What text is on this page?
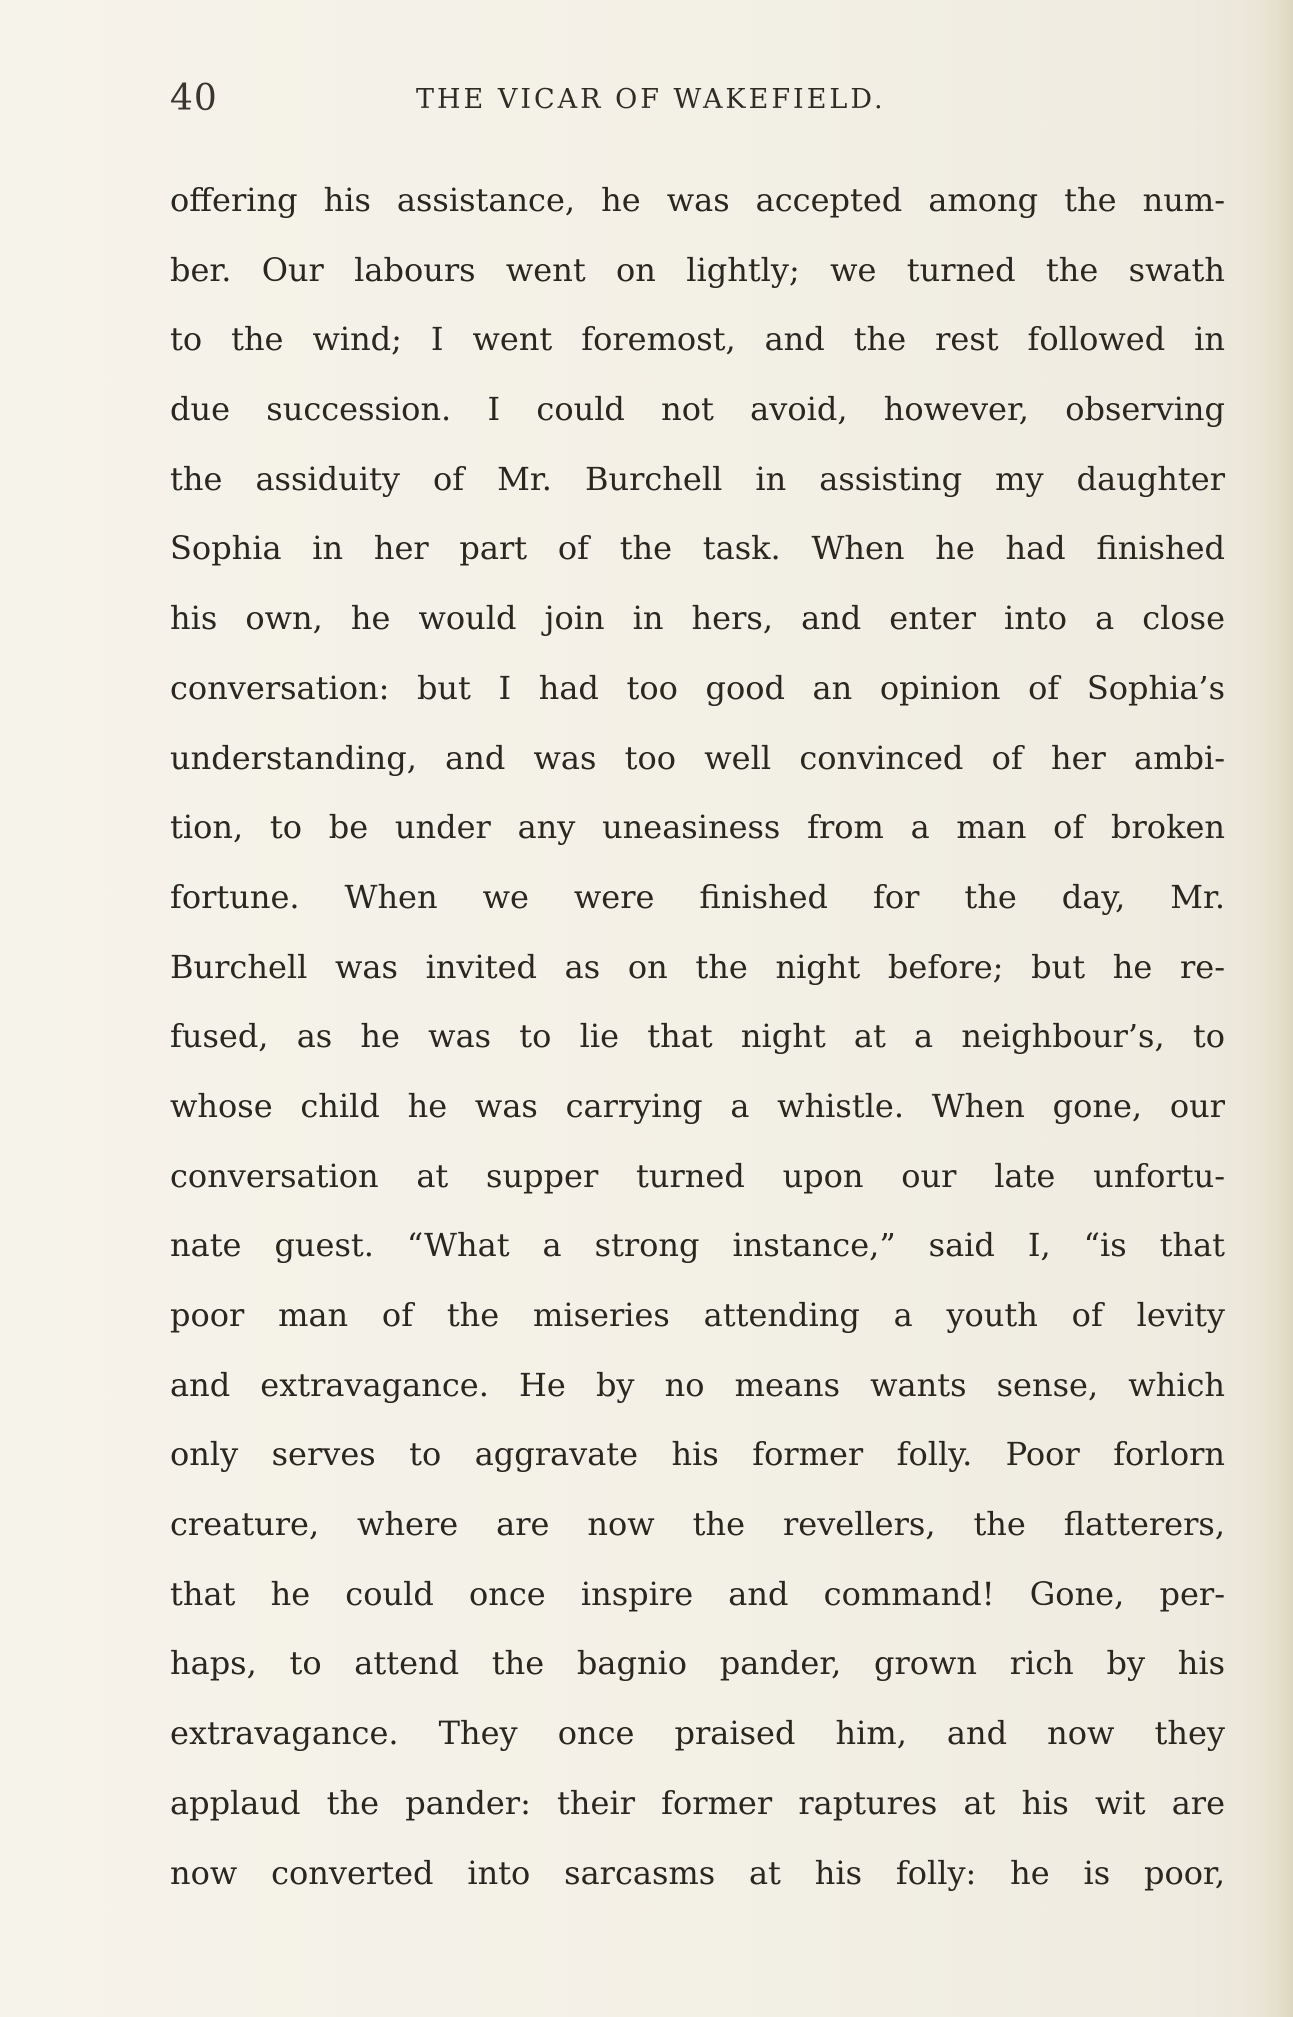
40	THE VICAR OF WAKEFIELD.
offering his assistance, he was accepted among the num-
ber. Our labours went on lightly; we turned the swath
to the wind; I went foremost, and the rest followed in
due succession. I could not avoid, however, observing
the assiduity of Mr. Burchell in assisting my daughter
Sophia in her part of the task. When he had finished
his own, he would join in hers, and enter into a close
conversation: but I had too good an opinion of Sophia’s
understanding, and was too well convinced of her ambi-
tion, to be under any uneasiness from a man of broken
fortune. When we were finished for the day, Mr.
Burchell was invited as on the night before; but he re-
fused, as he was to lie that night at a neighbour’s, to
whose child he was carrying a whistle. When gone, our
conversation at supper turned upon our late unfortu-
nate guest. “What a strong instance,” said I, “is that
poor man of the miseries attending a youth of levity
and extravagance. He by no means wants sense, which
only serves to aggravate his former folly. Poor forlorn
creature, where are now the revellers, the flatterers,
that he could once inspire and command! Gone, per-
haps, to attend the bagnio pander, grown rich by his
extravagance. They once praised him, and now they
applaud the pander: their former raptures at his wit are
now converted into sarcasms at his folly: he is poor,
